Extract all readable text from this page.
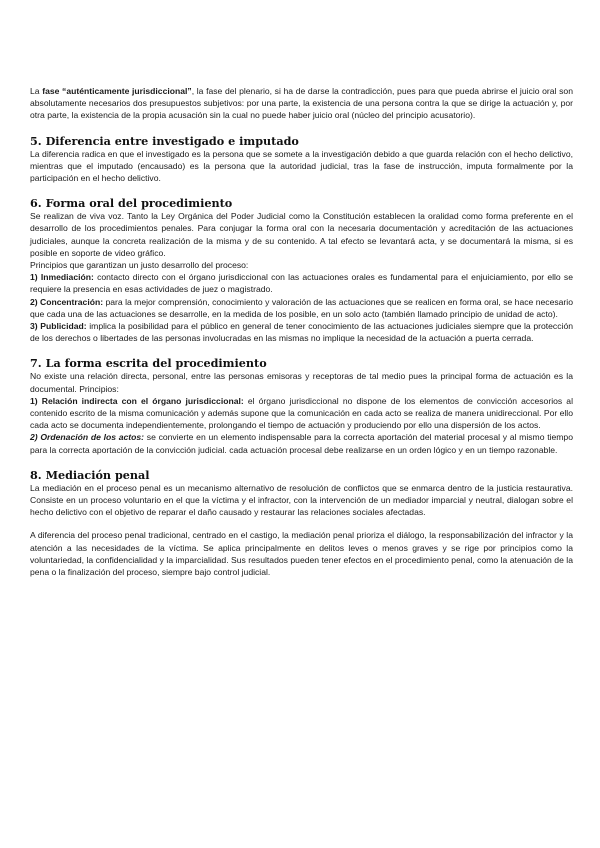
La fase “auténticamente jurisdiccional”, la fase del plenario, si ha de darse la contradicción, pues para que pueda abrirse el juicio oral son absolutamente necesarios dos presupuestos subjetivos: por una parte, la existencia de una persona contra la que se dirige la actuación y, por otra parte, la existencia de la propia acusación sin la cual no puede haber juicio oral (núcleo del principio acusatorio).

5. Diferencia entre investigado e imputado

La diferencia radica en que el investigado es la persona que se somete a la investigación debido a que guarda relación con el hecho delictivo, mientras que el imputado (encausado) es la persona que la autoridad judicial, tras la fase de instrucción, imputa formalmente por la participación en el hecho delictivo.

6. Forma oral del procedimiento

Se realizan de viva voz. Tanto la Ley Orgánica del Poder Judicial como la Constitución establecen la oralidad como forma preferente en el desarrollo de los procedimientos penales. Para conjugar la forma oral con la necesaria documentación y acreditación de las actuaciones judiciales, aunque la concreta realización de la misma y de su contenido. A tal efecto se levantará acta, y se documentará la misma, si es posible en soporte de video gráfico.

Principios que garantizan un justo desarrollo del proceso:

1) Inmediación: contacto directo con el órgano jurisdiccional con las actuaciones orales es fundamental para el enjuiciamiento, por ello se requiere la presencia en esas actividades de juez o magistrado.

2) Concentración: para la mejor comprensión, conocimiento y valoración de las actuaciones que se realicen en forma oral, se hace necesario que cada una de las actuaciones se desarrolle, en la medida de los posible, en un solo acto (también llamado principio de unidad de acto).

3) Publicidad: implica la posibilidad para el público en general de tener conocimiento de las actuaciones judiciales siempre que la protección de los derechos o libertades de las personas involucradas en las mismas no implique la necesidad de la actuación a puerta cerrada.

7. La forma escrita del procedimiento

No existe una relación directa, personal, entre las personas emisoras y receptoras de tal medio pues la principal forma de actuación es la documental. Principios:

1) Relación indirecta con el órgano jurisdiccional: el órgano jurisdiccional no dispone de los elementos de convicción accesorios al contenido escrito de la misma comunicación y además supone que la comunicación en cada acto se realiza de manera unidireccional. Por ello cada acto se documenta independientemente, prolongando el tiempo de actuación y produciendo por ello una dispersión de los actos.

2) Ordenación de los actos: se convierte en un elemento indispensable para la correcta aportación del material procesal y al mismo tiempo para la correcta aportación de la convicción judicial. cada actuación procesal debe realizarse en un orden lógico y en un tiempo razonable.

8. Mediación penal

La mediación en el proceso penal es un mecanismo alternativo de resolución de conflictos que se enmarca dentro de la justicia restaurativa. Consiste en un proceso voluntario en el que la víctima y el infractor, con la intervención de un mediador imparcial y neutral, dialogan sobre el hecho delictivo con el objetivo de reparar el daño causado y restaurar las relaciones sociales afectadas.

A diferencia del proceso penal tradicional, centrado en el castigo, la mediación penal prioriza el diálogo, la responsabilización del infractor y la atención a las necesidades de la víctima. Se aplica principalmente en delitos leves o menos graves y se rige por principios como la voluntariedad, la confidencialidad y la imparcialidad. Sus resultados pueden tener efectos en el procedimiento penal, como la atenuación de la pena o la finalización del proceso, siempre bajo control judicial.
